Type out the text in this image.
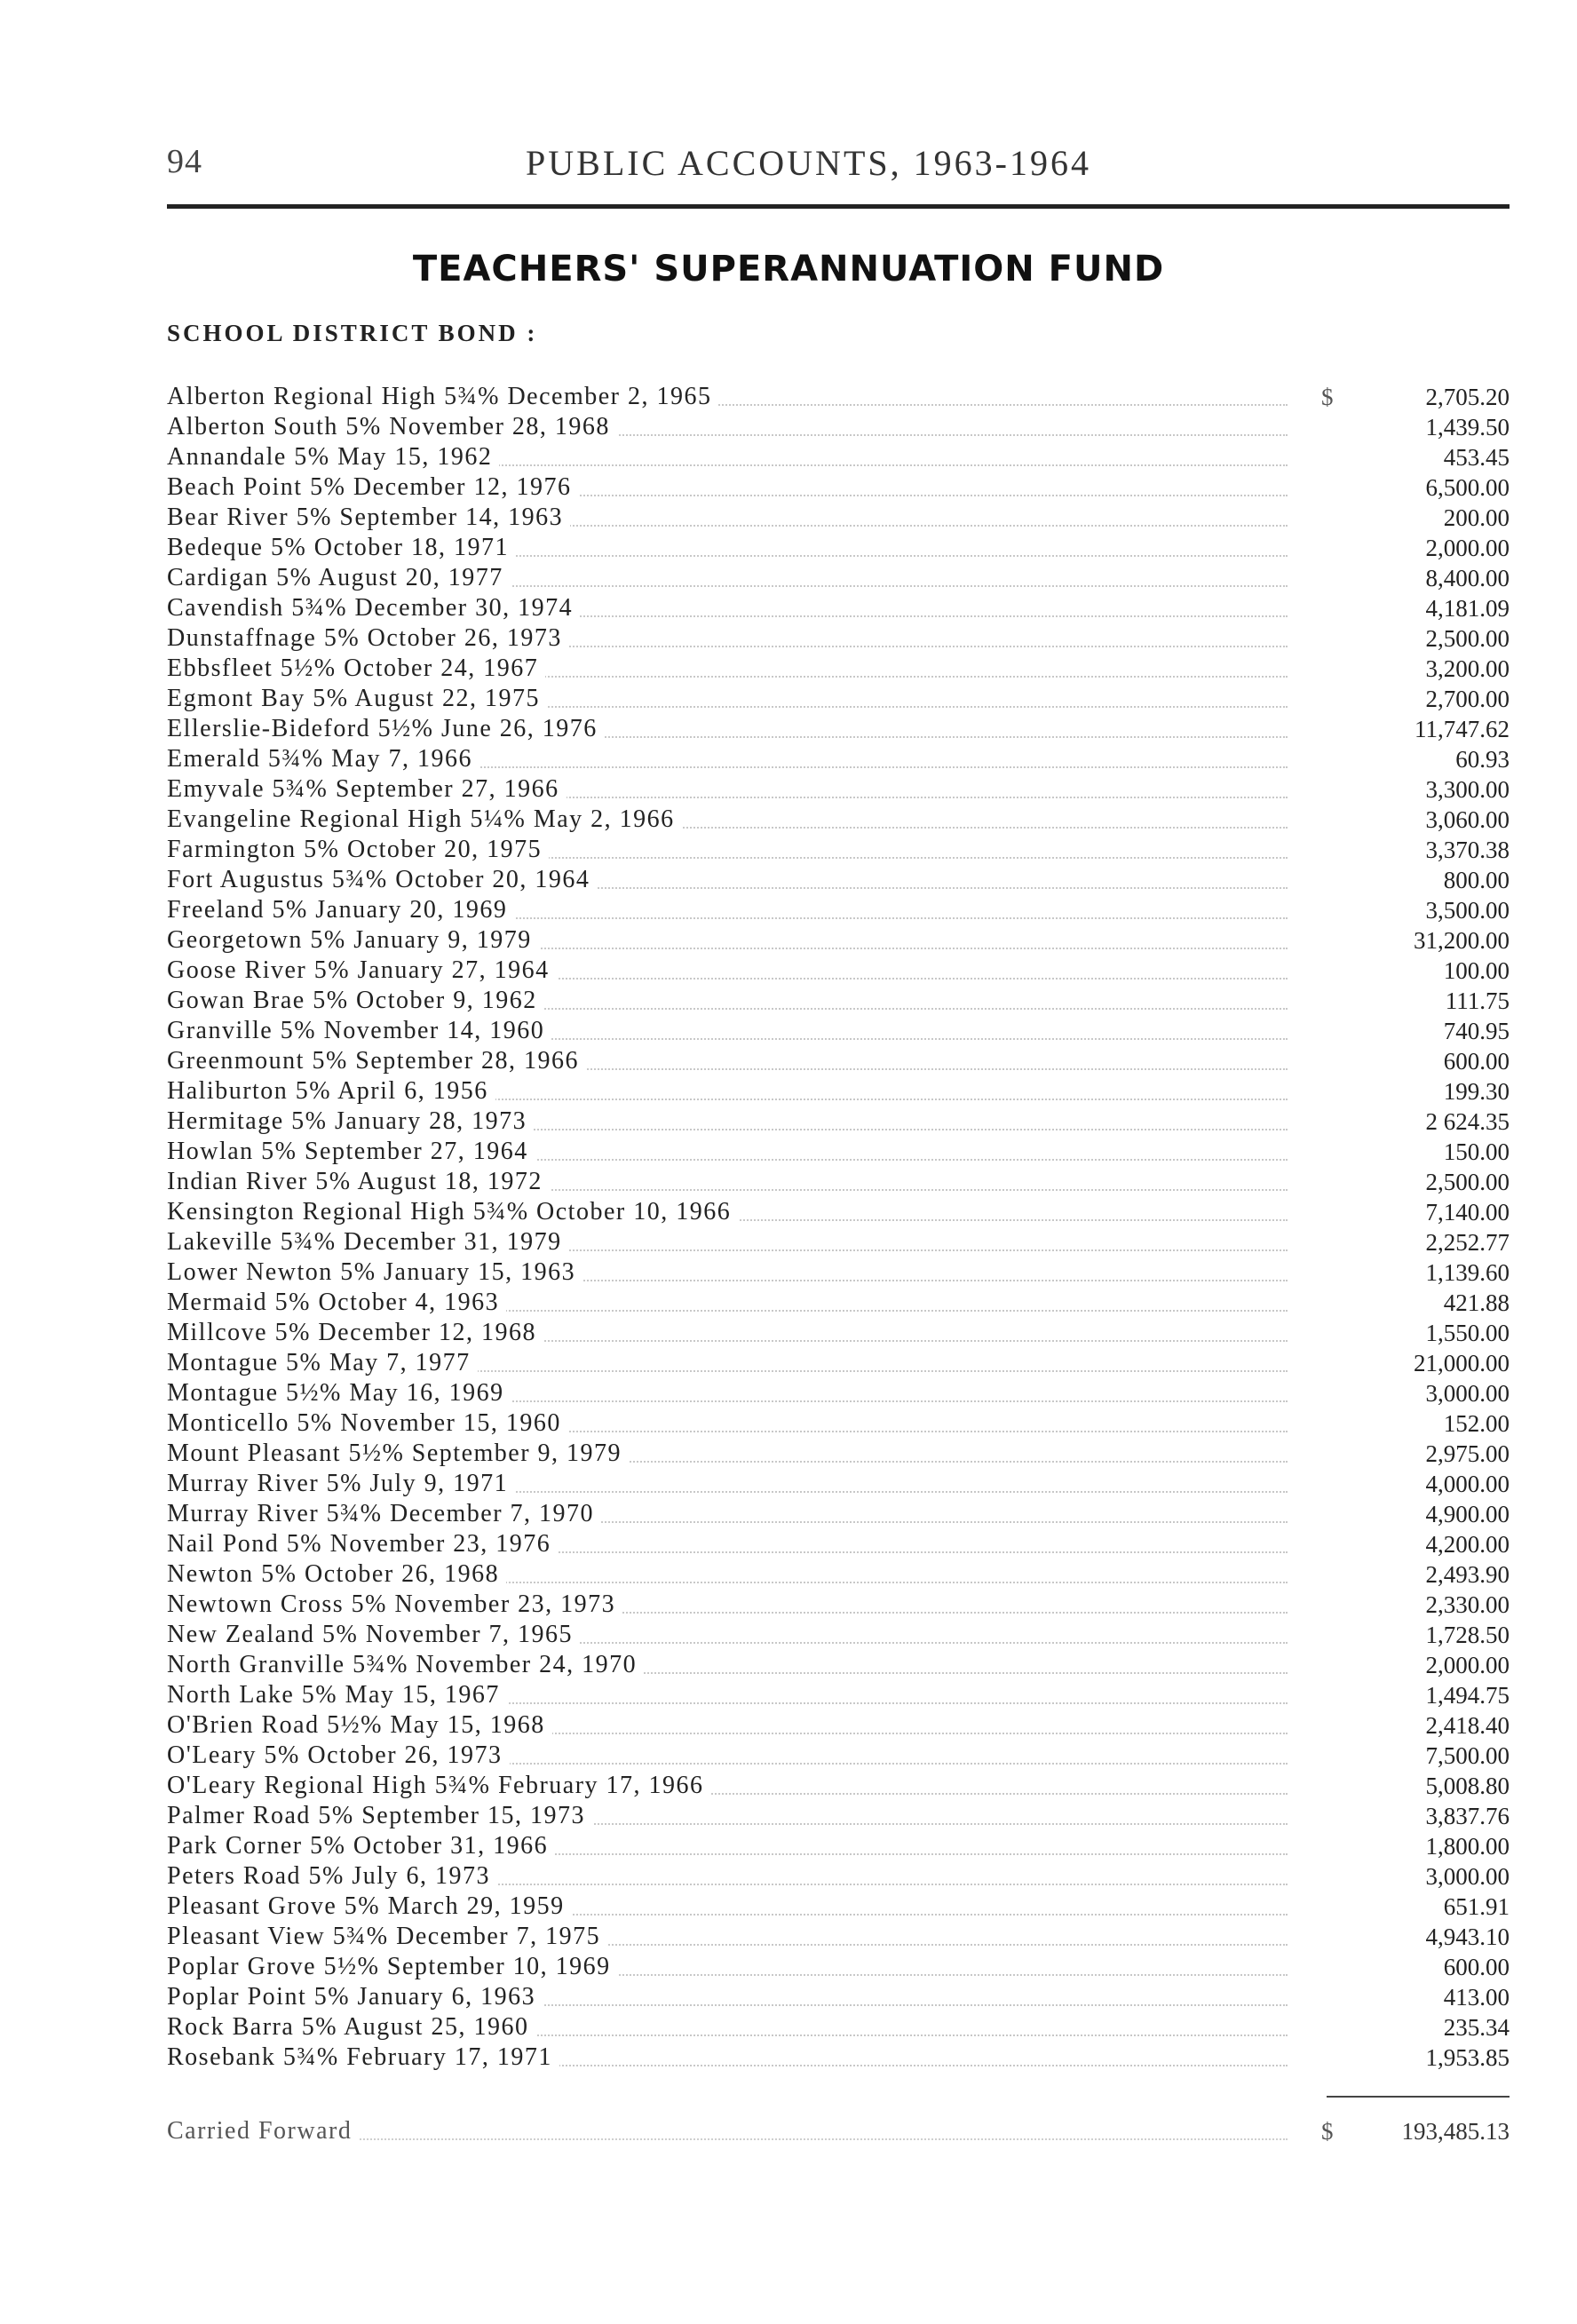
94	PUBLIC ACCOUNTS, 1963-1964
TEACHERS' SUPERANNUATION FUND
SCHOOL DISTRICT BOND :
$
Alberton Regional High 5¾% December 2, 1965	2,705.20
Alberton South 5% November 28, 1968	1,439.50
Annandale 5% May 15, 1962	453.45
Beach Point 5% December 12, 1976	6,500.00
Bear River 5% September 14, 1963	200.00
Bedeque 5% October 18, 1971	2,000.00
Cardigan 5% August 20, 1977	8,400.00
Cavendish 5¾% December 30, 1974	4,181.09
Dunstaffnage 5% October 26, 1973	2,500.00
Ebbsfleet 5½% October 24, 1967	3,200.00
Egmont Bay 5% August 22, 1975	2,700.00
Ellerslie-Bideford 5½% June 26, 1976	11,747.62
Emerald 5¾% May 7, 1966	60.93
Emyvale 5¾% September 27, 1966	3,300.00
Evangeline Regional High 5¼% May 2, 1966	3,060.00
Farmington 5% October 20, 1975	3,370.38
Fort Augustus 5¾% October 20, 1964	800.00
Freeland 5% January 20, 1969	3,500.00
Georgetown 5% January 9, 1979	31,200.00
Goose River 5% January 27, 1964	100.00
Gowan Brae 5% October 9, 1962	111.75
Granville 5% November 14, 1960	740.95
Greenmount 5% September 28, 1966	600.00
Haliburton 5% April 6, 1956	199.30
Hermitage 5% January 28, 1973	2 624.35
Howlan 5% September 27, 1964	150.00
Indian River 5% August 18, 1972	2,500.00
Kensington Regional High 5¾% October 10, 1966	7,140.00
Lakeville 5¾% December 31, 1979	2,252.77
Lower Newton 5% January 15, 1963	1,139.60
Mermaid 5% October 4, 1963	421.88
Millcove 5% December 12, 1968	1,550.00
Montague 5% May 7, 1977	21,000.00
Montague 5½% May 16, 1969	3,000.00
Monticello 5% November 15, 1960	152.00
Mount Pleasant 5½% September 9, 1979	2,975.00
Murray River 5% July 9, 1971	4,000.00
Murray River 5¾% December 7, 1970	4,900.00
Nail Pond 5% November 23, 1976	4,200.00
Newton 5% October 26, 1968	2,493.90
Newtown Cross 5% November 23, 1973	2,330.00
New Zealand 5% November 7, 1965	1,728.50
North Granville 5¾% November 24, 1970	2,000.00
North Lake 5% May 15, 1967	1,494.75
O'Brien Road 5½% May 15, 1968	2,418.40
O'Leary 5% October 26, 1973	7,500.00
O'Leary Regional High 5¾% February 17, 1966	5,008.80
Palmer Road 5% September 15, 1973	3,837.76
Park Corner 5% October 31, 1966	1,800.00
Peters Road 5% July 6, 1973	3,000.00
Pleasant Grove 5% March 29, 1959	651.91
Pleasant View 5¾% December 7, 1975	4,943.10
Poplar Grove 5½% September 10, 1969	600.00
Poplar Point 5% January 6, 1963	413.00
Rock Barra 5% August 25, 1960	235.34
Rosebank 5¾% February 17, 1971	1,953.85
Carried Forward	$	193,485.13
